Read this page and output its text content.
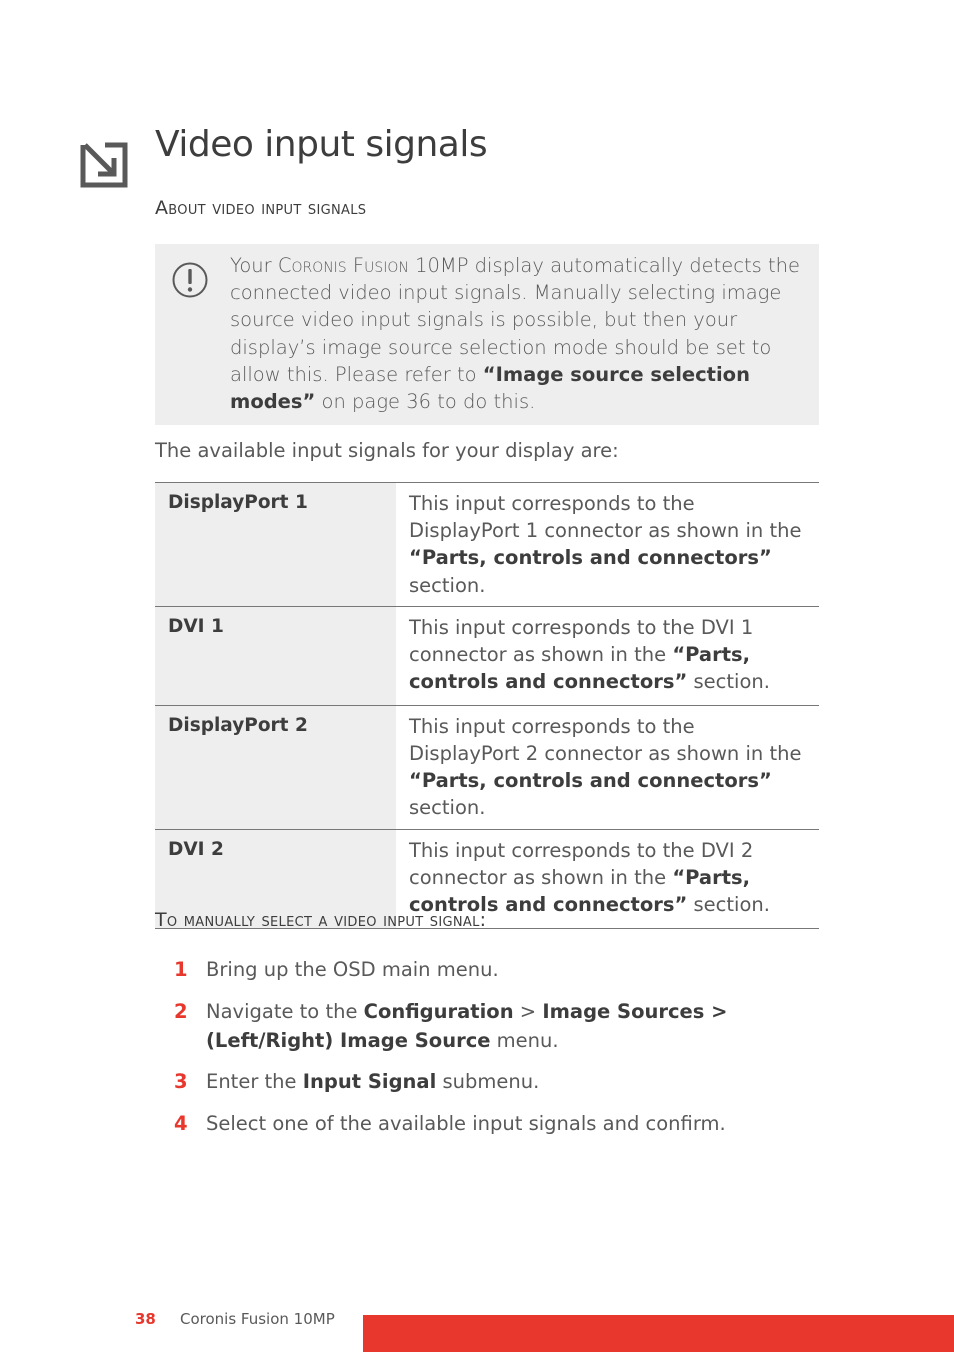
Video input signals
About video input signals
Your Coronis Fusion 10MP display automatically detects the connected video input signals. Manually selecting image source video input signals is possible, but then your display’s image source selection mode should be set to allow this. Please refer to “Image source selection modes” on page 36 to do this.
The available input signals for your display are:
DisplayPort 1	This input corresponds to the DisplayPort 1 connector as shown in the “Parts, controls and connectors” section.
DVI 1	This input corresponds to the DVI 1 connector as shown in the “Parts, controls and connectors” section.
DisplayPort 2	This input corresponds to the DisplayPort 2 connector as shown in the “Parts, controls and connectors” section.
DVI 2	This input corresponds to the DVI 2 connector as shown in the “Parts, controls and connectors” section.
To manually select a video input signal:
1 Bring up the OSD main menu.
2 Navigate to the Configuration > Image Sources > (Left/Right) Image Source menu.
3 Enter the Input Signal submenu.
4 Select one of the available input signals and confirm.
38 Coronis Fusion 10MP
